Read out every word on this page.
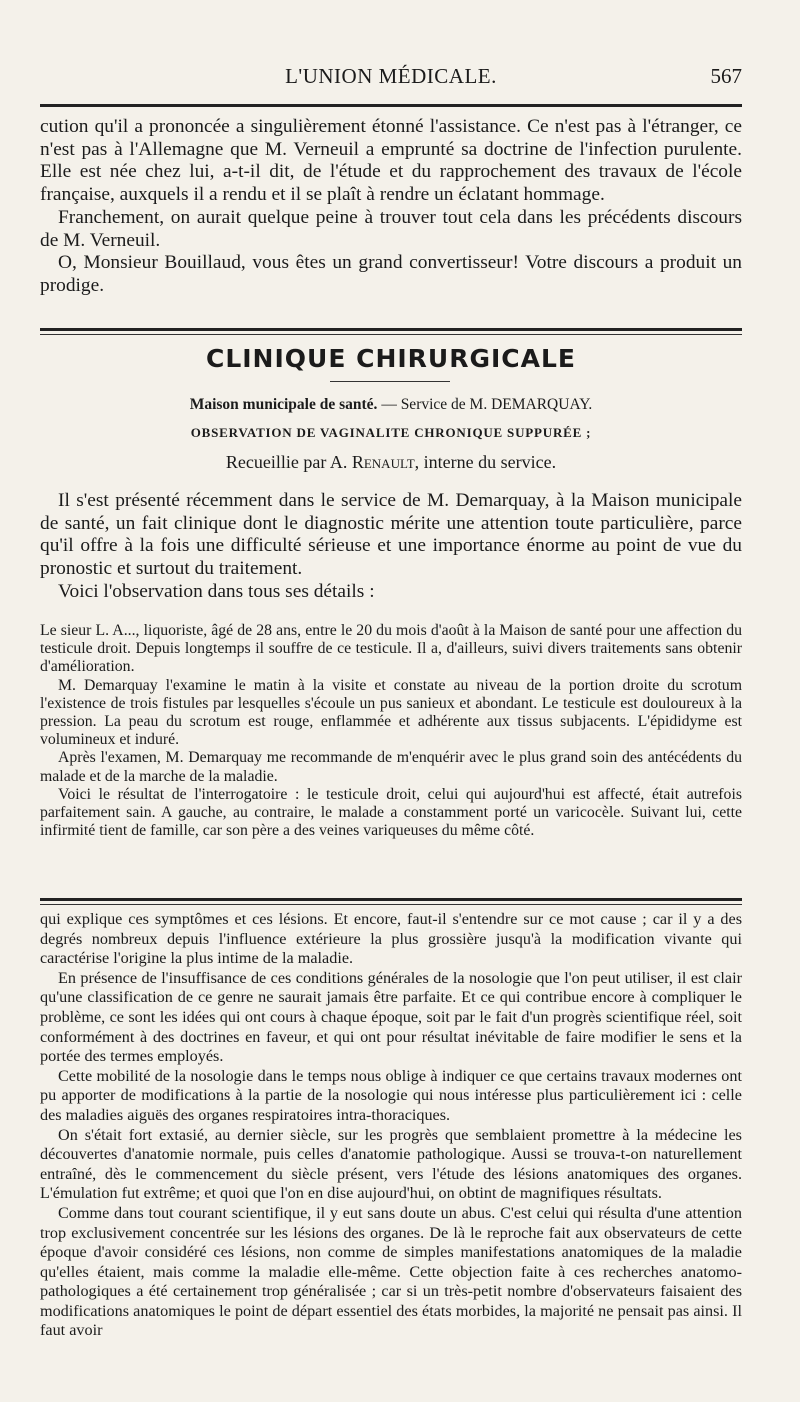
L'UNION MÉDICALE.	567

cution qu'il a prononcée a singulièrement étonné l'assistance. Ce n'est pas à l'étranger, ce n'est pas à l'Allemagne que M. Verneuil a emprunté sa doctrine de l'infection purulente. Elle est née chez lui, a-t-il dit, de l'étude et du rapprochement des travaux de l'école française, auxquels il a rendu et il se plaît à rendre un éclatant hommage.

Franchement, on aurait quelque peine à trouver tout cela dans les précédents discours de M. Verneuil.

O, Monsieur Bouillaud, vous êtes un grand convertisseur! Votre discours a produit un prodige.

CLINIQUE CHIRURGICALE
Maison municipale de santé. — Service de M. DEMARQUAY.
OBSERVATION DE VAGINALITE CHRONIQUE SUPPURÉE ;
Recueillie par A. Renault, interne du service.

Il s'est présenté récemment dans le service de M. Demarquay, à la Maison municipale de santé, un fait clinique dont le diagnostic mérite une attention toute particulière, parce qu'il offre à la fois une difficulté sérieuse et une importance énorme au point de vue du pronostic et surtout du traitement.

Voici l'observation dans tous ses détails :

Le sieur L. A..., liquoriste, âgé de 28 ans, entre le 20 du mois d'août à la Maison de santé pour une affection du testicule droit. Depuis longtemps il souffre de ce testicule. Il a, d'ailleurs, suivi divers traitements sans obtenir d'amélioration.

M. Demarquay l'examine le matin à la visite et constate au niveau de la portion droite du scrotum l'existence de trois fistules par lesquelles s'écoule un pus sanieux et abondant. Le testicule est douloureux à la pression. La peau du scrotum est rouge, enflammée et adhérente aux tissus subjacents. L'épididyme est volumineux et induré.

Après l'examen, M. Demarquay me recommande de m'enquérir avec le plus grand soin des antécédents du malade et de la marche de la maladie.

Voici le résultat de l'interrogatoire : le testicule droit, celui qui aujourd'hui est affecté, était autrefois parfaitement sain. A gauche, au contraire, le malade a constamment porté un varicocèle. Suivant lui, cette infirmité tient de famille, car son père a des veines variqueuses du même côté.

qui explique ces symptômes et ces lésions. Et encore, faut-il s'entendre sur ce mot cause ; car il y a des degrés nombreux depuis l'influence extérieure la plus grossière jusqu'à la modification vivante qui caractérise l'origine la plus intime de la maladie.

En présence de l'insuffisance de ces conditions générales de la nosologie que l'on peut utiliser, il est clair qu'une classification de ce genre ne saurait jamais être parfaite. Et ce qui contribue encore à compliquer le problème, ce sont les idées qui ont cours à chaque époque, soit par le fait d'un progrès scientifique réel, soit conformément à des doctrines en faveur, et qui ont pour résultat inévitable de faire modifier le sens et la portée des termes employés.

Cette mobilité de la nosologie dans le temps nous oblige à indiquer ce que certains travaux modernes ont pu apporter de modifications à la partie de la nosologie qui nous intéresse plus particulièrement ici : celle des maladies aiguës des organes respiratoires intra-thoraciques.

On s'était fort extasié, au dernier siècle, sur les progrès que semblaient promettre à la médecine les découvertes d'anatomie normale, puis celles d'anatomie pathologique. Aussi se trouva-t-on naturellement entraîné, dès le commencement du siècle présent, vers l'étude des lésions anatomiques des organes. L'émulation fut extrême; et quoi que l'on en dise aujourd'hui, on obtint de magnifiques résultats.

Comme dans tout courant scientifique, il y eut sans doute un abus. C'est celui qui résulta d'une attention trop exclusivement concentrée sur les lésions des organes. De là le reproche fait aux observateurs de cette époque d'avoir considéré ces lésions, non comme de simples manifestations anatomiques de la maladie qu'elles étaient, mais comme la maladie elle-même. Cette objection faite à ces recherches anatomo-pathologiques a été certainement trop généralisée ; car si un très-petit nombre d'observateurs faisaient des modifications anatomiques le point de départ essentiel des états morbides, la majorité ne pensait pas ainsi. Il faut avoir
